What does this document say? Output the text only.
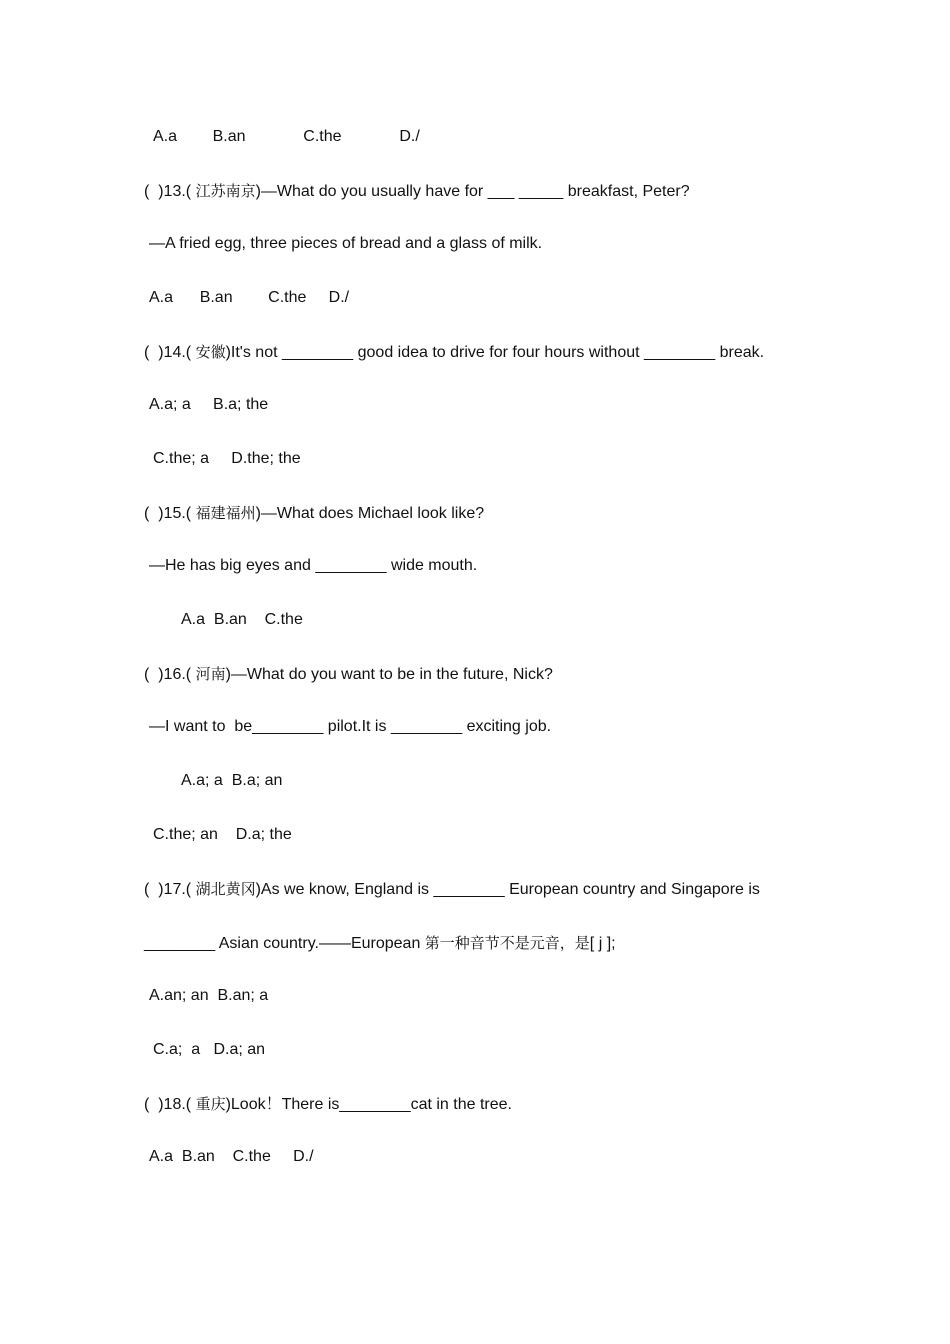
A.a        B.an             C.the             D./
(  )13.( 江苏南京)—What do you usually have for ___ _____ breakfast, Peter?
—A fried egg, three pieces of bread and a glass of milk.
A.a      B.an        C.the     D./
(  )14.( 安徽)It's not ________ good idea to drive for four hours without ________ break.
A.a; a     B.a; the
C.the; a     D.the; the
(  )15.( 福建福州)—What does Michael look like?
—He has big eyes and ________ wide mouth.
A.a  B.an    C.the
(  )16.( 河南)—What do you want to be in the future, Nick?
—I want to  be________ pilot.It is ________ exciting job.
A.a; a  B.a; an
C.the; an    D.a; the
(  )17.( 湖北黄冈)As we know, England is ________ European country and Singapore is
________ Asian country.——European 第一种音节不是元音，是[ j ];
A.an; an  B.an; a
C.a;  a   D.a; an
(  )18.( 重庆)Look！There is________cat in the tree.
A.a  B.an    C.the     D./
